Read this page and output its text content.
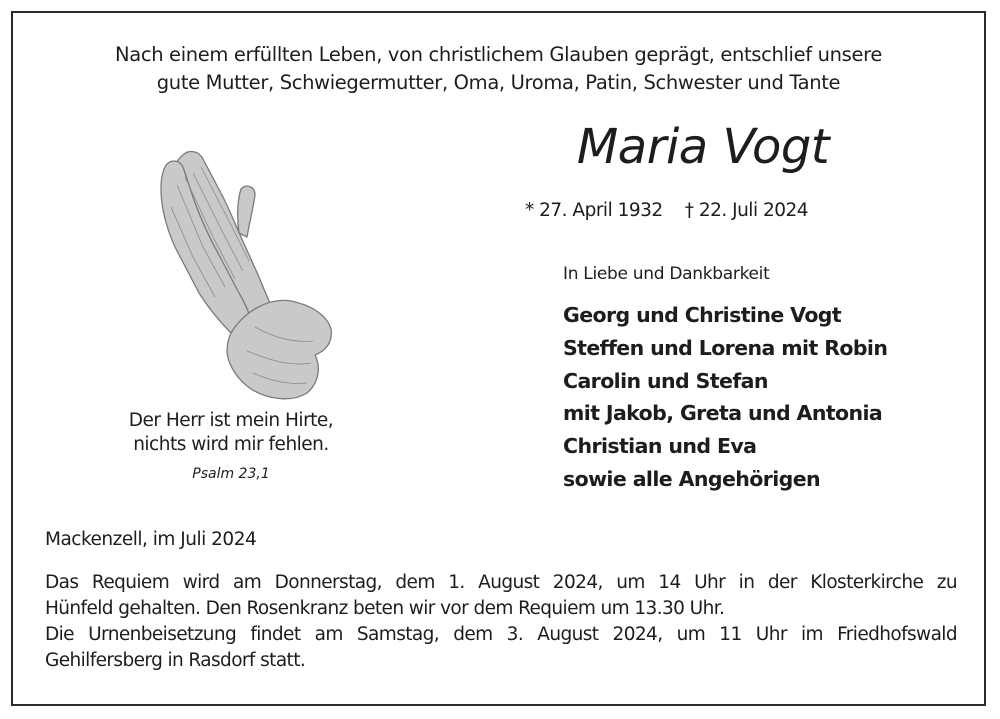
Nach einem erfüllten Leben, von christlichem Glauben geprägt, entschlief unsere
gute Mutter, Schwiegermutter, Oma, Uroma, Patin, Schwester und Tante
Maria Vogt
* 27. April 1932 † 22. Juli 2024
Der Herr ist mein Hirte,
nichts wird mir fehlen.
Psalm 23,1
In Liebe und Dankbarkeit
Georg und Christine Vogt
Steffen und Lorena mit Robin
Carolin und Stefan
mit Jakob, Greta und Antonia
Christian und Eva
sowie alle Angehörigen
Mackenzell, im Juli 2024
Das Requiem wird am Donnerstag, dem 1. August 2024, um 14 Uhr in der Klosterkirche zu
Hünfeld gehalten. Den Rosenkranz beten wir vor dem Requiem um 13.30 Uhr.
Die Urnenbeisetzung findet am Samstag, dem 3. August 2024, um 11 Uhr im Friedhofswald
Gehilfersberg in Rasdorf statt.
